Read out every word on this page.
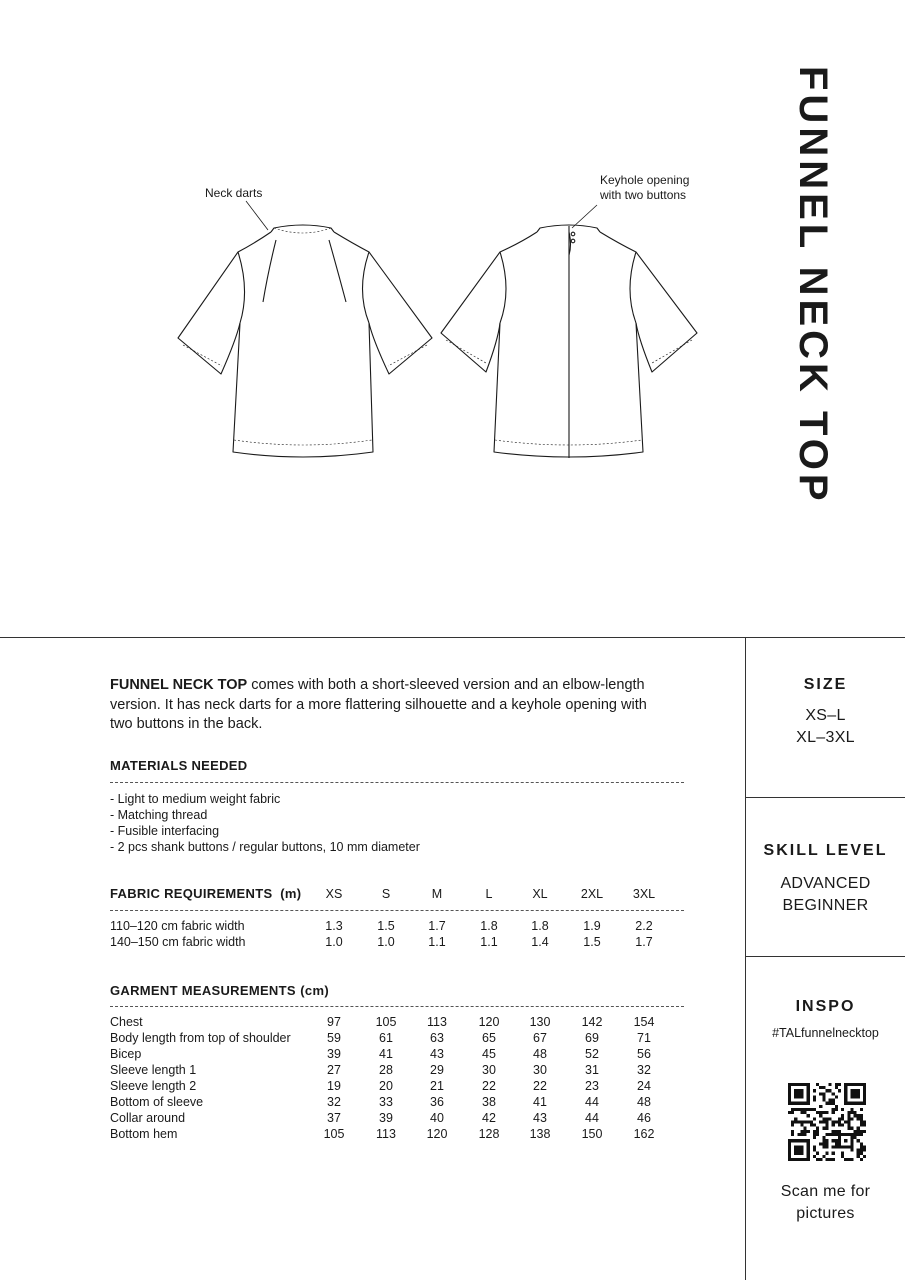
FUNNEL NECK TOP
Neck darts
Keyhole opening
with two buttons
FUNNEL NECK TOP comes with both a short-sleeved version and an elbow-length
version. It has neck darts for a more flattering silhouette and a keyhole opening with
two buttons in the back.
MATERIALS NEEDED
- Light to medium weight fabric
- Matching thread
- Fusible interfacing
- 2 pcs shank buttons / regular buttons, 10 mm diameter
FABRIC REQUIREMENTS (m)	XS	S	M	L	XL	2XL	3XL
110–120 cm fabric width	1.3	1.5	1.7	1.8	1.8	1.9	2.2
140–150 cm fabric width	1.0	1.0	1.1	1.1	1.4	1.5	1.7
GARMENT MEASUREMENTS (cm)
Chest	97	105	113	120	130	142	154
Body length from top of shoulder	59	61	63	65	67	69	71
Bicep	39	41	43	45	48	52	56
Sleeve length 1	27	28	29	30	30	31	32
Sleeve length 2	19	20	21	22	22	23	24
Bottom of sleeve	32	33	36	38	41	44	48
Collar around	37	39	40	42	43	44	46
Bottom hem	105	113	120	128	138	150	162
SIZE
XS–L
XL–3XL
SKILL LEVEL
ADVANCED
BEGINNER
INSPO
#TALfunnelnecktop
Scan me for
pictures
